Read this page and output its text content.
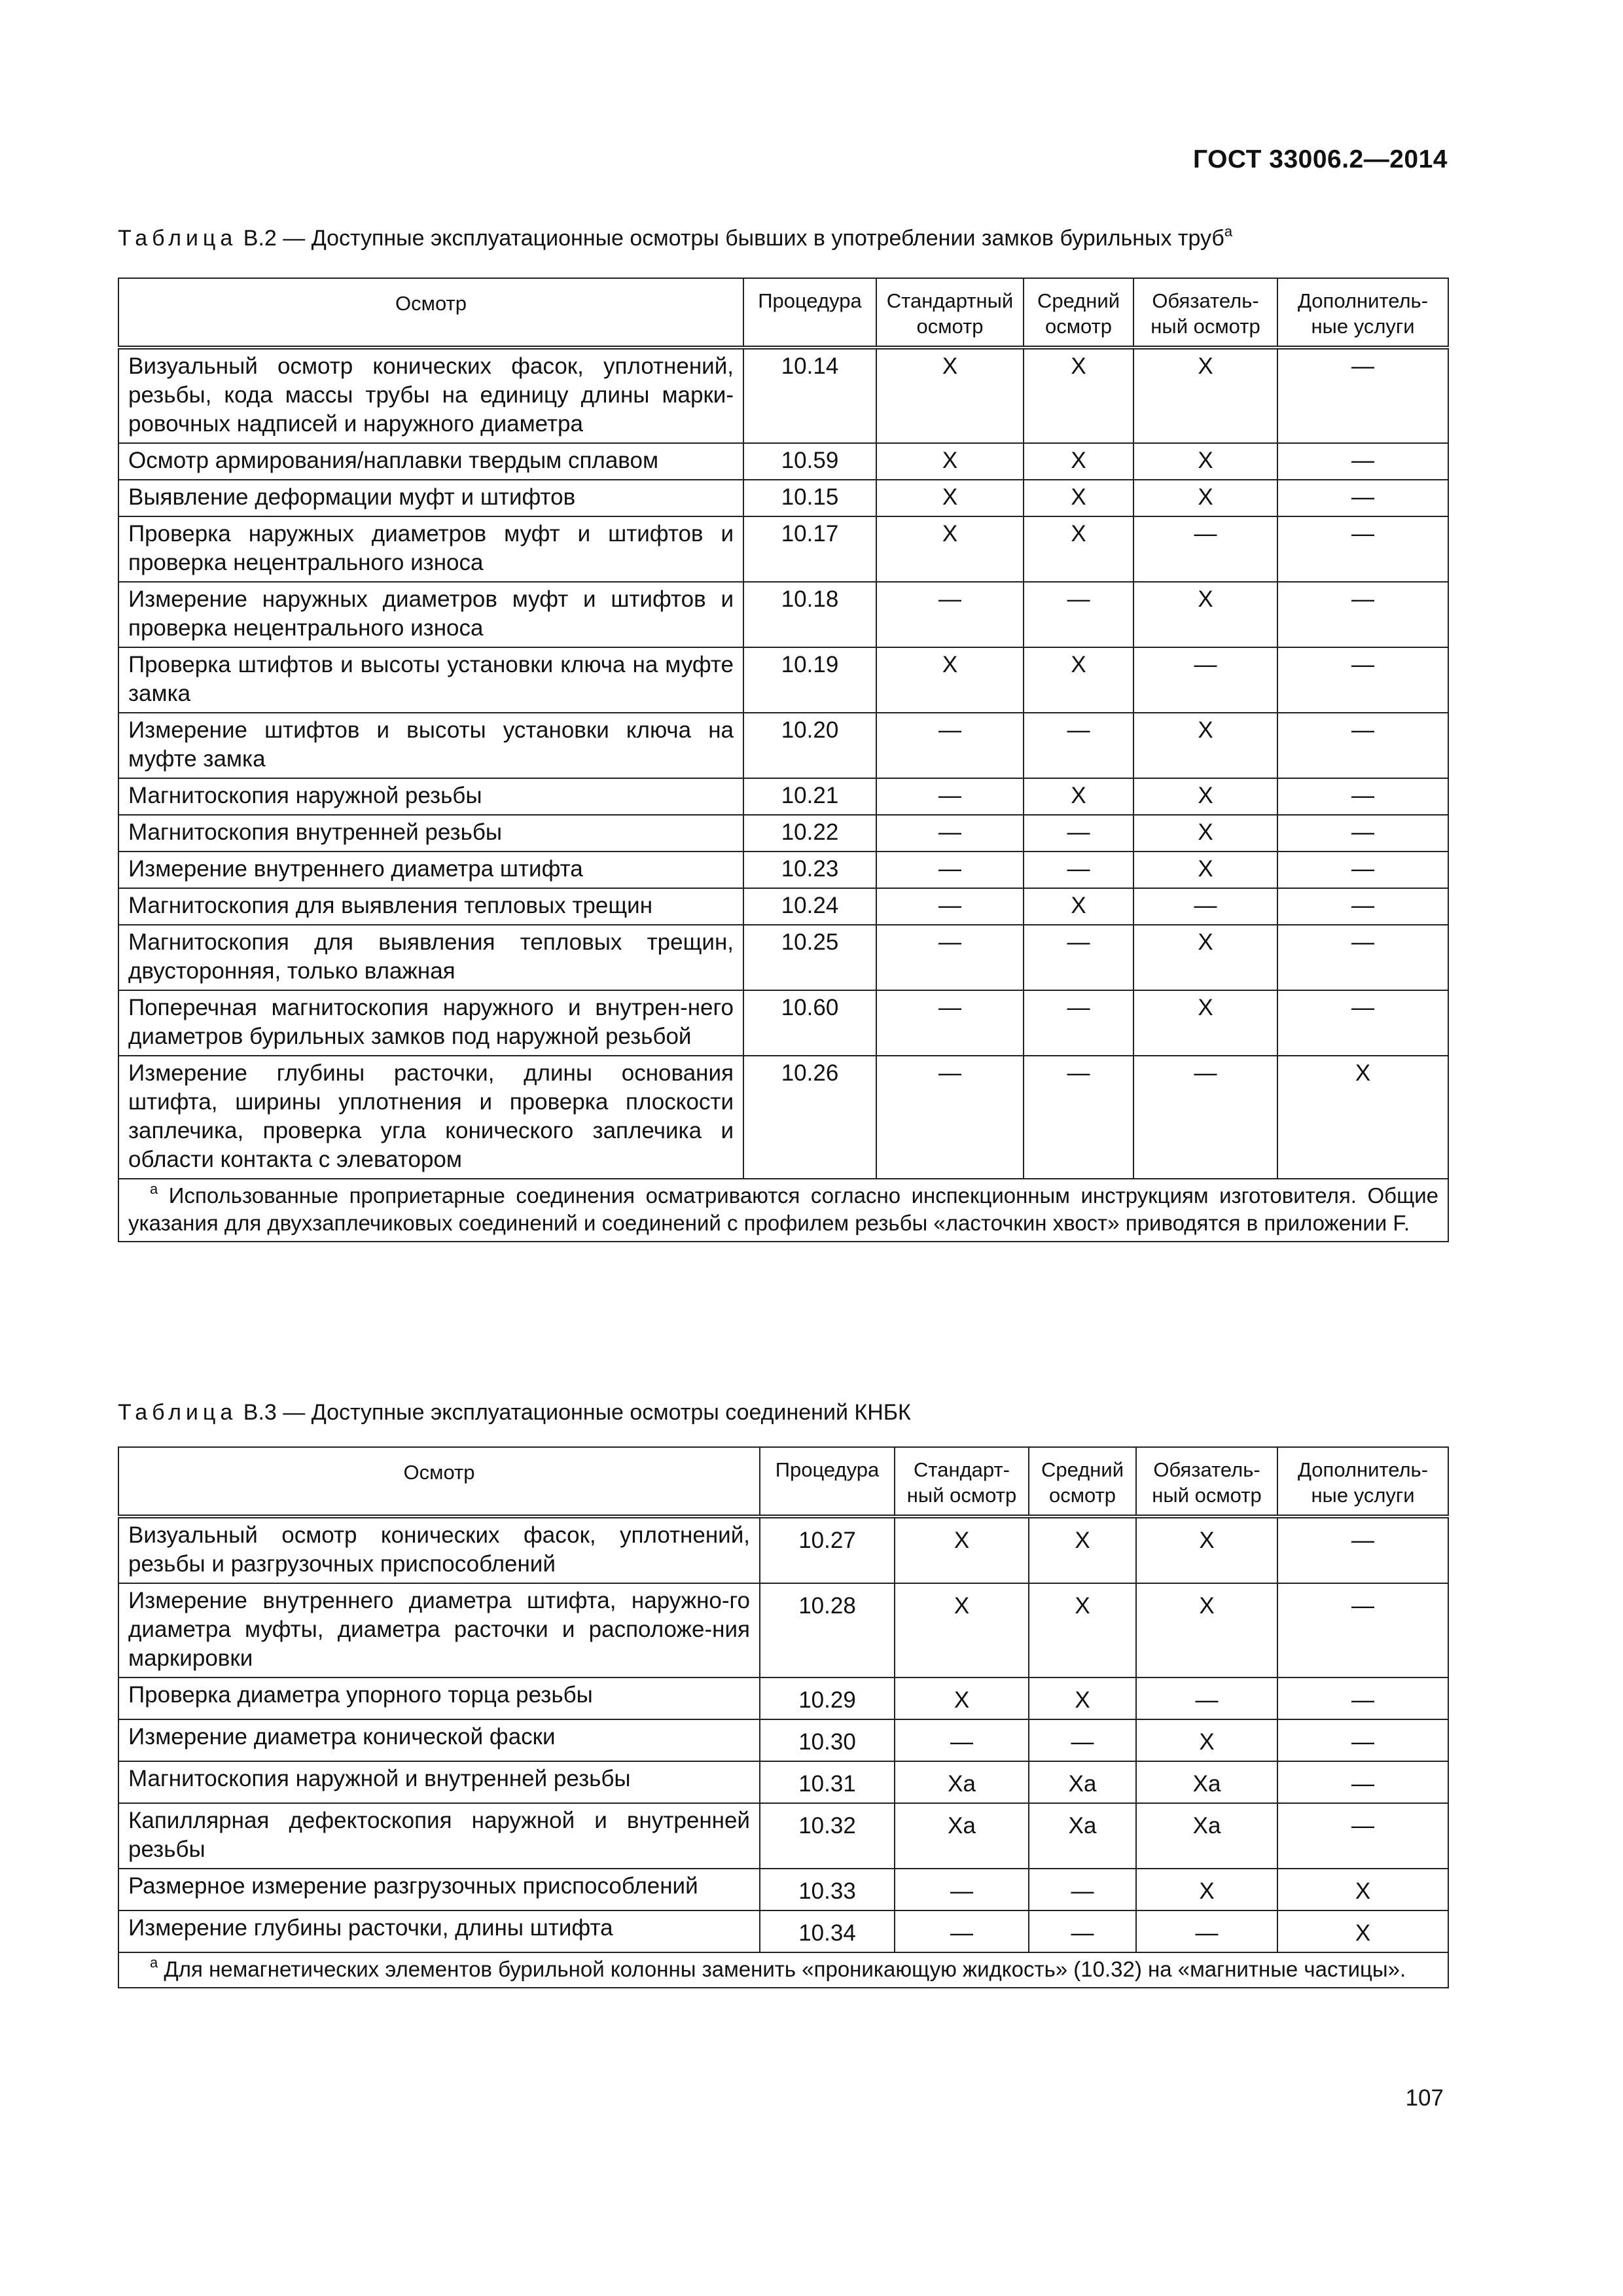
ГОСТ 33006.2—2014
Таблица В.2 — Доступные эксплуатационные осмотры бывших в употреблении замков бурильных труб$^а$
Осмотр	Процедура	Стандартный осмотр	Средний осмотр	Обязатель-ный осмотр	Дополнитель-ные услуги
Визуальный осмотр конических фасок, уплотнений, резьбы, кода массы трубы на единицу длины марки-ровочных надписей и наружного диаметра	10.14	X	X	X	—
Осмотр армирования/наплавки твердым сплавом	10.59	X	X	X	—
Выявление деформации муфт и штифтов	10.15	X	X	X	—
Проверка наружных диаметров муфт и штифтов и проверка нецентрального износа	10.17	X	X	—	—
Измерение наружных диаметров муфт и штифтов и проверка нецентрального износа	10.18	—	—	X	—
Проверка штифтов и высоты установки ключа на муфте замка	10.19	X	X	—	—
Измерение штифтов и высоты установки ключа на муфте замка	10.20	—	—	X	—
Магнитоскопия наружной резьбы	10.21	—	X	X	—
Магнитоскопия внутренней резьбы	10.22	—	—	X	—
Измерение внутреннего диаметра штифта	10.23	—	—	X	—
Магнитоскопия для выявления тепловых трещин	10.24	—	X	—	—
Магнитоскопия для выявления тепловых трещин, двусторонняя, только влажная	10.25	—	—	X	—
Поперечная магнитоскопия наружного и внутрен-него диаметров бурильных замков под наружной резьбой	10.60	—	—	X	—
Измерение глубины расточки, длины основания штифта, ширины уплотнения и проверка плоскости заплечика, проверка угла конического заплечика и области контакта с элеватором	10.26	—	—	—	X
 $^а$ Использованные проприетарные соединения осматриваются согласно инспекционным инструкциям изготовителя. Общие указания для двухзаплечиковых соединений и соединений с профилем резьбы «ласточкин хвост» приводятся в приложении F.					
Таблица В.3 — Доступные эксплуатационные осмотры соединений КНБК
Осмотр	Процедура	Стандарт-ный осмотр	Средний осмотр	Обязатель-ный осмотр	Дополнитель-ные услуги
Визуальный осмотр конических фасок, уплотнений, резьбы и разгрузочных приспособлений	10.27	X	X	X	—
Измерение внутреннего диаметра штифта, наружно-го диаметра муфты, диаметра расточки и расположе-ния маркировки	10.28	X	X	X	—
Проверка диаметра упорного торца резьбы	10.29	X	X	—	—
Измерение диаметра конической фаски	10.30	—	—	X	—
Магнитоскопия наружной и внутренней резьбы	10.31	Xа	Xа	Xа	—
Капиллярная дефектоскопия наружной и внутренней резьбы	10.32	Xа	Xа	Xа	—
Размерное измерение разгрузочных приспособлений	10.33	—	—	X	X
Измерение глубины расточки, длины штифта	10.34	—	—	—	X
 $^а$ Для немагнетических элементов бурильной колонны заменить «проникающую жидкость» (10.32) на «магнитные частицы».					
107
